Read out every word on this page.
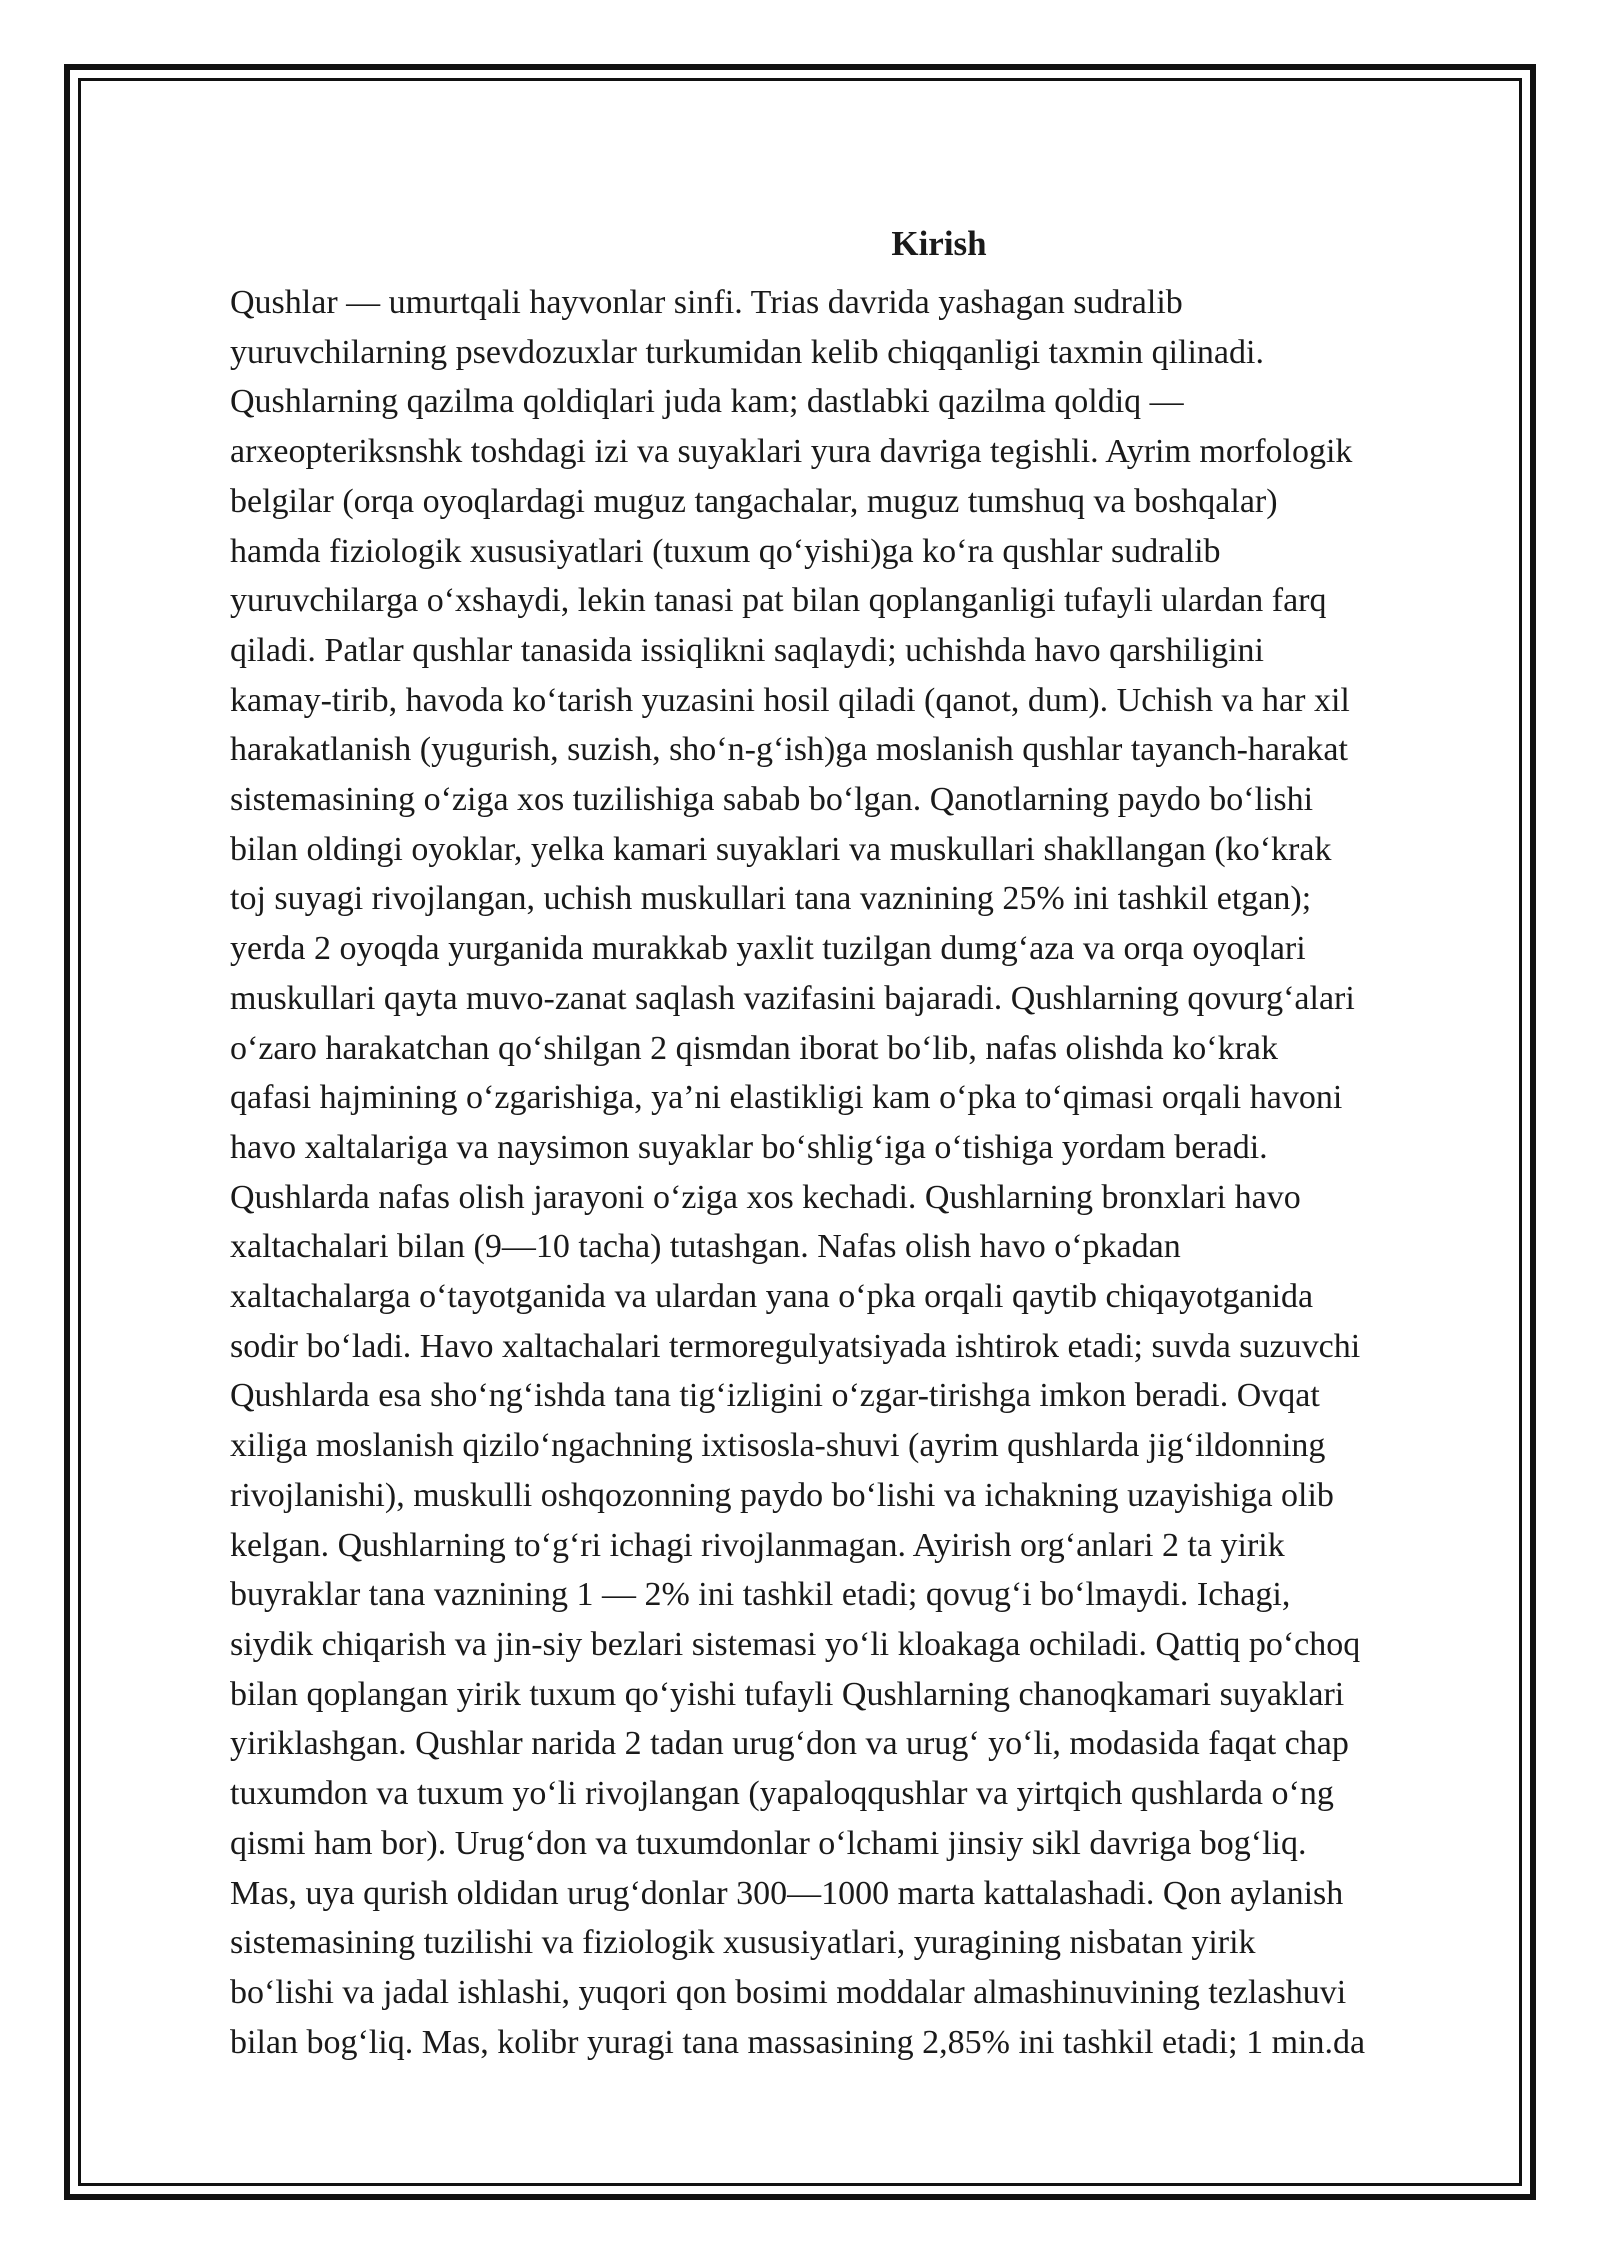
Kirish

Qushlar — umurtqali hayvonlar sinfi. Trias davrida yashagan sudralib
yuruvchilarning psevdozuxlar turkumidan kelib chiqqanligi taxmin qilinadi.
Qushlarning qazilma qoldiqlari juda kam; dastlabki qazilma qoldiq —
arxeopteriksnshk toshdagi izi va suyaklari yura davriga tegishli. Ayrim morfologik
belgilar (orqa oyoqlardagi muguz tangachalar, muguz tumshuq va boshqalar)
hamda fiziologik xususiyatlari (tuxum qoʻyishi)ga koʻra qushlar sudralib
yuruvchilarga oʻxshaydi, lekin tanasi pat bilan qoplanganligi tufayli ulardan farq
qiladi. Patlar qushlar tanasida issiqlikni saqlaydi; uchishda havo qarshiligini
kamay-tirib, havoda koʻtarish yuzasini hosil qiladi (qanot, dum). Uchish va har xil
harakatlanish (yugurish, suzish, shoʻn-gʻish)ga moslanish qushlar tayanch-harakat
sistemasining oʻziga xos tuzilishiga sabab boʻlgan. Qanotlarning paydo boʻlishi
bilan oldingi oyoklar, yelka kamari suyaklari va muskullari shakllangan (koʻkrak
toj suyagi rivojlangan, uchish muskullari tana vaznining 25% ini tashkil etgan);
yerda 2 oyoqda yurganida murakkab yaxlit tuzilgan dumgʻaza va orqa oyoqlari
muskullari qayta muvo-zanat saqlash vazifasini bajaradi. Qushlarning qovurgʻalari
oʻzaro harakatchan qoʻshilgan 2 qismdan iborat boʻlib, nafas olishda koʻkrak
qafasi hajmining oʻzgarishiga, ya’ni elastikligi kam oʻpka toʻqimasi orqali havoni
havo xaltalariga va naysimon suyaklar boʻshligʻiga oʻtishiga yordam beradi.
Qushlarda nafas olish jarayoni oʻziga xos kechadi. Qushlarning bronxlari havo
xaltachalari bilan (9—10 tacha) tutashgan. Nafas olish havo oʻpkadan
xaltachalarga oʻtayotganida va ulardan yana oʻpka orqali qaytib chiqayotganida
sodir boʻladi. Havo xaltachalari termoregulyatsiyada ishtirok etadi; suvda suzuvchi
Qushlarda esa shoʻngʻishda tana tigʻizligini oʻzgar-tirishga imkon beradi. Ovqat
xiliga moslanish qiziloʻngachning ixtisosla-shuvi (ayrim qushlarda jigʻildonning
rivojlanishi), muskulli oshqozonning paydo boʻlishi va ichakning uzayishiga olib
kelgan. Qushlarning toʻgʻri ichagi rivojlanmagan. Ayirish orgʻanlari 2 ta yirik
buyraklar tana vaznining 1 — 2% ini tashkil etadi; qovugʻi boʻlmaydi. Ichagi,
siydik chiqarish va jin-siy bezlari sistemasi yoʻli kloakaga ochiladi. Qattiq poʻchoq
bilan qoplangan yirik tuxum qoʻyishi tufayli Qushlarning chanoqkamari suyaklari
yiriklashgan. Qushlar narida 2 tadan urugʻdon va urugʻ yoʻli, modasida faqat chap
tuxumdon va tuxum yoʻli rivojlangan (yapaloqqushlar va yirtqich qushlarda oʻng
qismi ham bor). Urugʻdon va tuxumdonlar oʻlchami jinsiy sikl davriga bogʻliq.
Mas, uya qurish oldidan urugʻdonlar 300—1000 marta kattalashadi. Qon aylanish
sistemasining tuzilishi va fiziologik xususiyatlari, yuragining nisbatan yirik
boʻlishi va jadal ishlashi, yuqori qon bosimi moddalar almashinuvining tezlashuvi
bilan bogʻliq. Mas, kolibr yuragi tana massasining 2,85% ini tashkil etadi; 1 min.da
